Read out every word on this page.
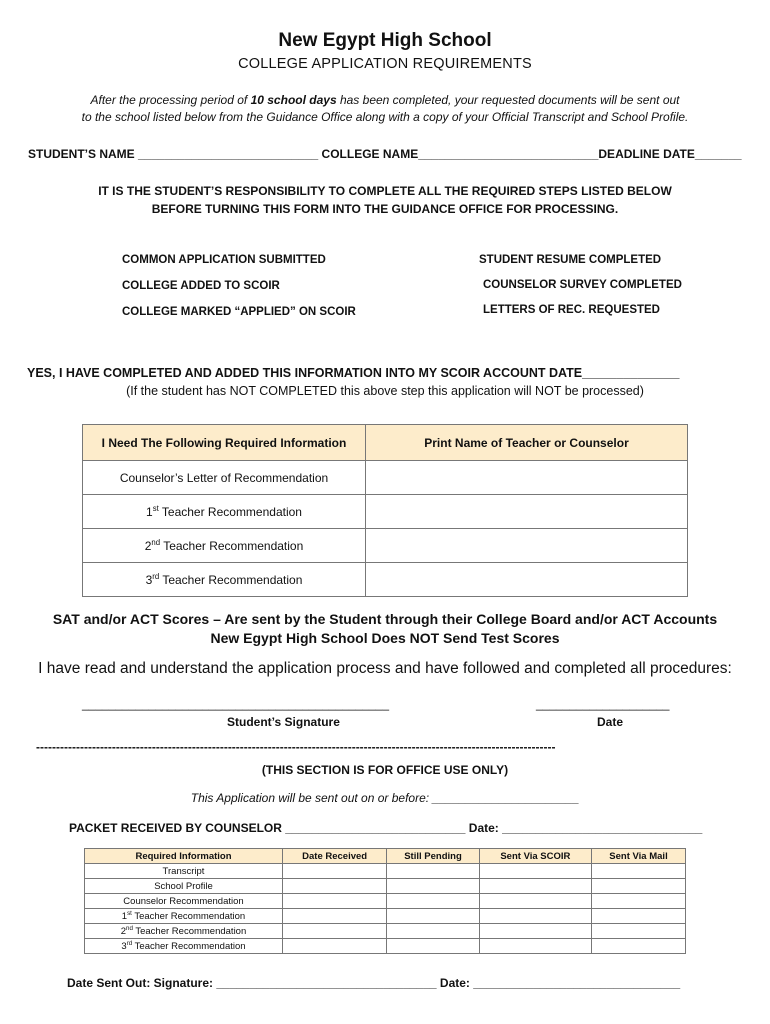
New Egypt High School
COLLEGE APPLICATION REQUIREMENTS
After the processing period of 10 school days has been completed, your requested documents will be sent out
to the school listed below from the Guidance Office along with a copy of your Official Transcript and School Profile.
STUDENT’S NAME ___________________________ COLLEGE NAME___________________________DEADLINE DATE_______
IT IS THE STUDENT’S RESPONSIBILITY TO COMPLETE ALL THE REQUIRED STEPS LISTED BELOW
BEFORE TURNING THIS FORM INTO THE GUIDANCE OFFICE FOR PROCESSING.
COMMON APPLICATION SUBMITTED
COLLEGE ADDED TO SCOIR
COLLEGE MARKED “APPLIED” ON SCOIR
STUDENT RESUME COMPLETED
COUNSELOR SURVEY COMPLETED
LETTERS OF REC. REQUESTED
YES, I HAVE COMPLETED AND ADDED THIS INFORMATION INTO MY SCOIR ACCOUNT DATE______________
(If the student has NOT COMPLETED this above step this application will NOT be processed)
I Need The Following Required Information	Print Name of Teacher or Counselor
Counselor’s Letter of Recommendation	
1st Teacher Recommendation	
2nd Teacher Recommendation	
3rd Teacher Recommendation	
SAT and/or ACT Scores – Are sent by the Student through their College Board and/or ACT Accounts
New Egypt High School Does NOT Send Test Scores
I have read and understand the application process and have followed and completed all procedures:
______________________________________________
Student’s Signature
____________________
Date
----------------------------------------------------------------------------------------------------------------------------------
(THIS SECTION IS FOR OFFICE USE ONLY)
This Application will be sent out on or before: ______________________
PACKET RECEIVED BY COUNSELOR ___________________________ Date: ______________________________
Required Information	Date Received	Still Pending	Sent Via SCOIR	Sent Via Mail
Transcript				
School Profile				
Counselor Recommendation				
1st Teacher Recommendation				
2nd Teacher Recommendation				
3rd Teacher Recommendation				
Date Sent Out: Signature: _________________________________ Date: _______________________________
